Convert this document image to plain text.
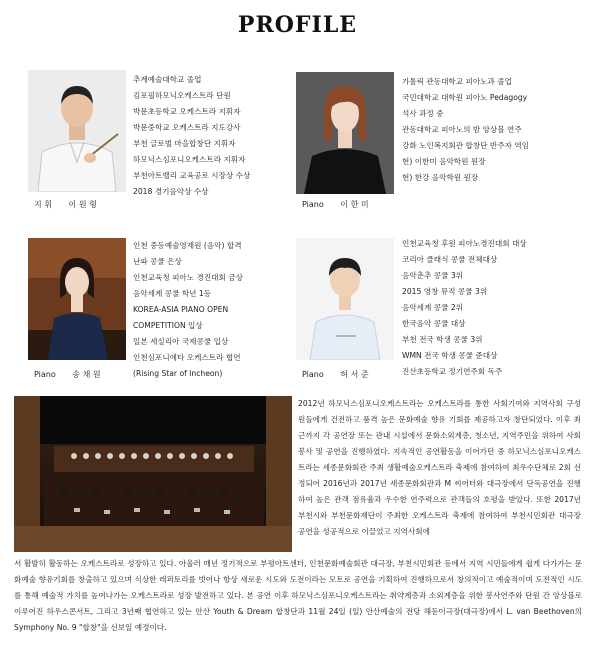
PROFILE
지 휘 이 원 형
추계예술대학교 졸업
김포필하모닉오케스트라 단원
박문초등학교 오케스트라 지휘자
박문중학교 오케스트라 지도강사
부천 글로벌 마을합창단 지휘자
하모닉스심포니오케스트라 지휘자
부천아트밸리 교육공로 시장상 수상
2018 경기음악상 수상
Piano 이 한 미
가톨릭 관동대학교 피아노과 졸업
국민대학교 대학원 피아노 Pedagogy
석사 과정 중
관동대학교 피아노의 밤 앙상블 연주
강화 노인복지회관 합창단 반주자 역임
현) 이한미 음악학원 원장
현) 한강 음악학원 원장
Piano 송 채 원
인천 중등예술영재원 (음악) 합격
난파 콩쿨 은상
인천교육청 피아노 경진대회 금상
음악세계 콩쿨 학년 1등
KOREA-ASIA PIANO OPEN
COMPETITION 입상
일본 세실리아 국제콩쿨 입상
인천심포니에타 오케스트라 협연
(Rising Star of Incheon)	Piano 허 서 준
인천교육청 후원 피아노경진대회 대상
코리아 클래식 콩쿨 전체대상
음악춘추 콩쿨 3위
2015 영창 뮤직 콩쿨 3위
음악세계 콩쿨 2위
한국음악 콩쿨 대상
부천 전국 학생 콩쿨 3위
WMN 전국 학생 콩쿨 준대상
진산초등학교 정기연주회 독주
2012년 하모닉스심포니오케스트라는 오케스트라를 통한 사회기여와 지역사회 구성원들에게 건전하고 품격 높은 문화예술 향유 기회를 제공하고자 창단되었다. 이후 최근까지 각 공연장 또는 관내 시설에서 문화소외계층, 청소년, 지역주민을 위하여 사회봉사 및 공연을 진행하였다. 지속적인 공연활동을 이어가던 중 하모닉스심포니오케스트라는 세종문화회관 주최 생활예술오케스트라 축제에 참여하여 최우수단체로 2회 선정되어 2016년과 2017년 세종문화회관과 M 씨어터와 대극장에서 단독공연을 진행하여 높은 관객 점유율과 우수한 연주력으로 관객들의 호평을 받았다. 또한 2017년 부천시와 부천문화재단이 주최한 오케스트라 축제에 참여하여 부천시민회관 대극장 공연을 성공적으로 이끌었고 지역사회에
서 활발히 활동하는 오케스트라로 성장하고 있다. 아울러 매년 정기적으로 부평아트센터, 인천문화예술회관 대극장, 부천시민회관 등에서 지역 시민들에게 쉽게 다가가는 문화예술 향유기회를 창출하고 있으며 식상한 레퍼토리를 벗어나 항상 새로운 시도와 도전이라는 모토로 공연을 기획하여 진행하므로서 창의적이고 예술적이며 도전적인 시도를 통해 예술적 가치를 높여나가는 오케스트라로 성장 발전하고 있다. 본 공연 이후 하모닉스심포니오케스트라는 취약계층과 소외계층을 위한 봉사연주와 단원 간 앙상블로 이루어진 하우스콘서트, 그리고 3년째 협연하고 있는 안산 Youth & Dream 합창단과 11월 24일 (일) 안산예술의 전당 해돋이극장(대극장)에서 L. van Beethoven의 Symphony No. 9 "합창"을 선보일 예정이다.
